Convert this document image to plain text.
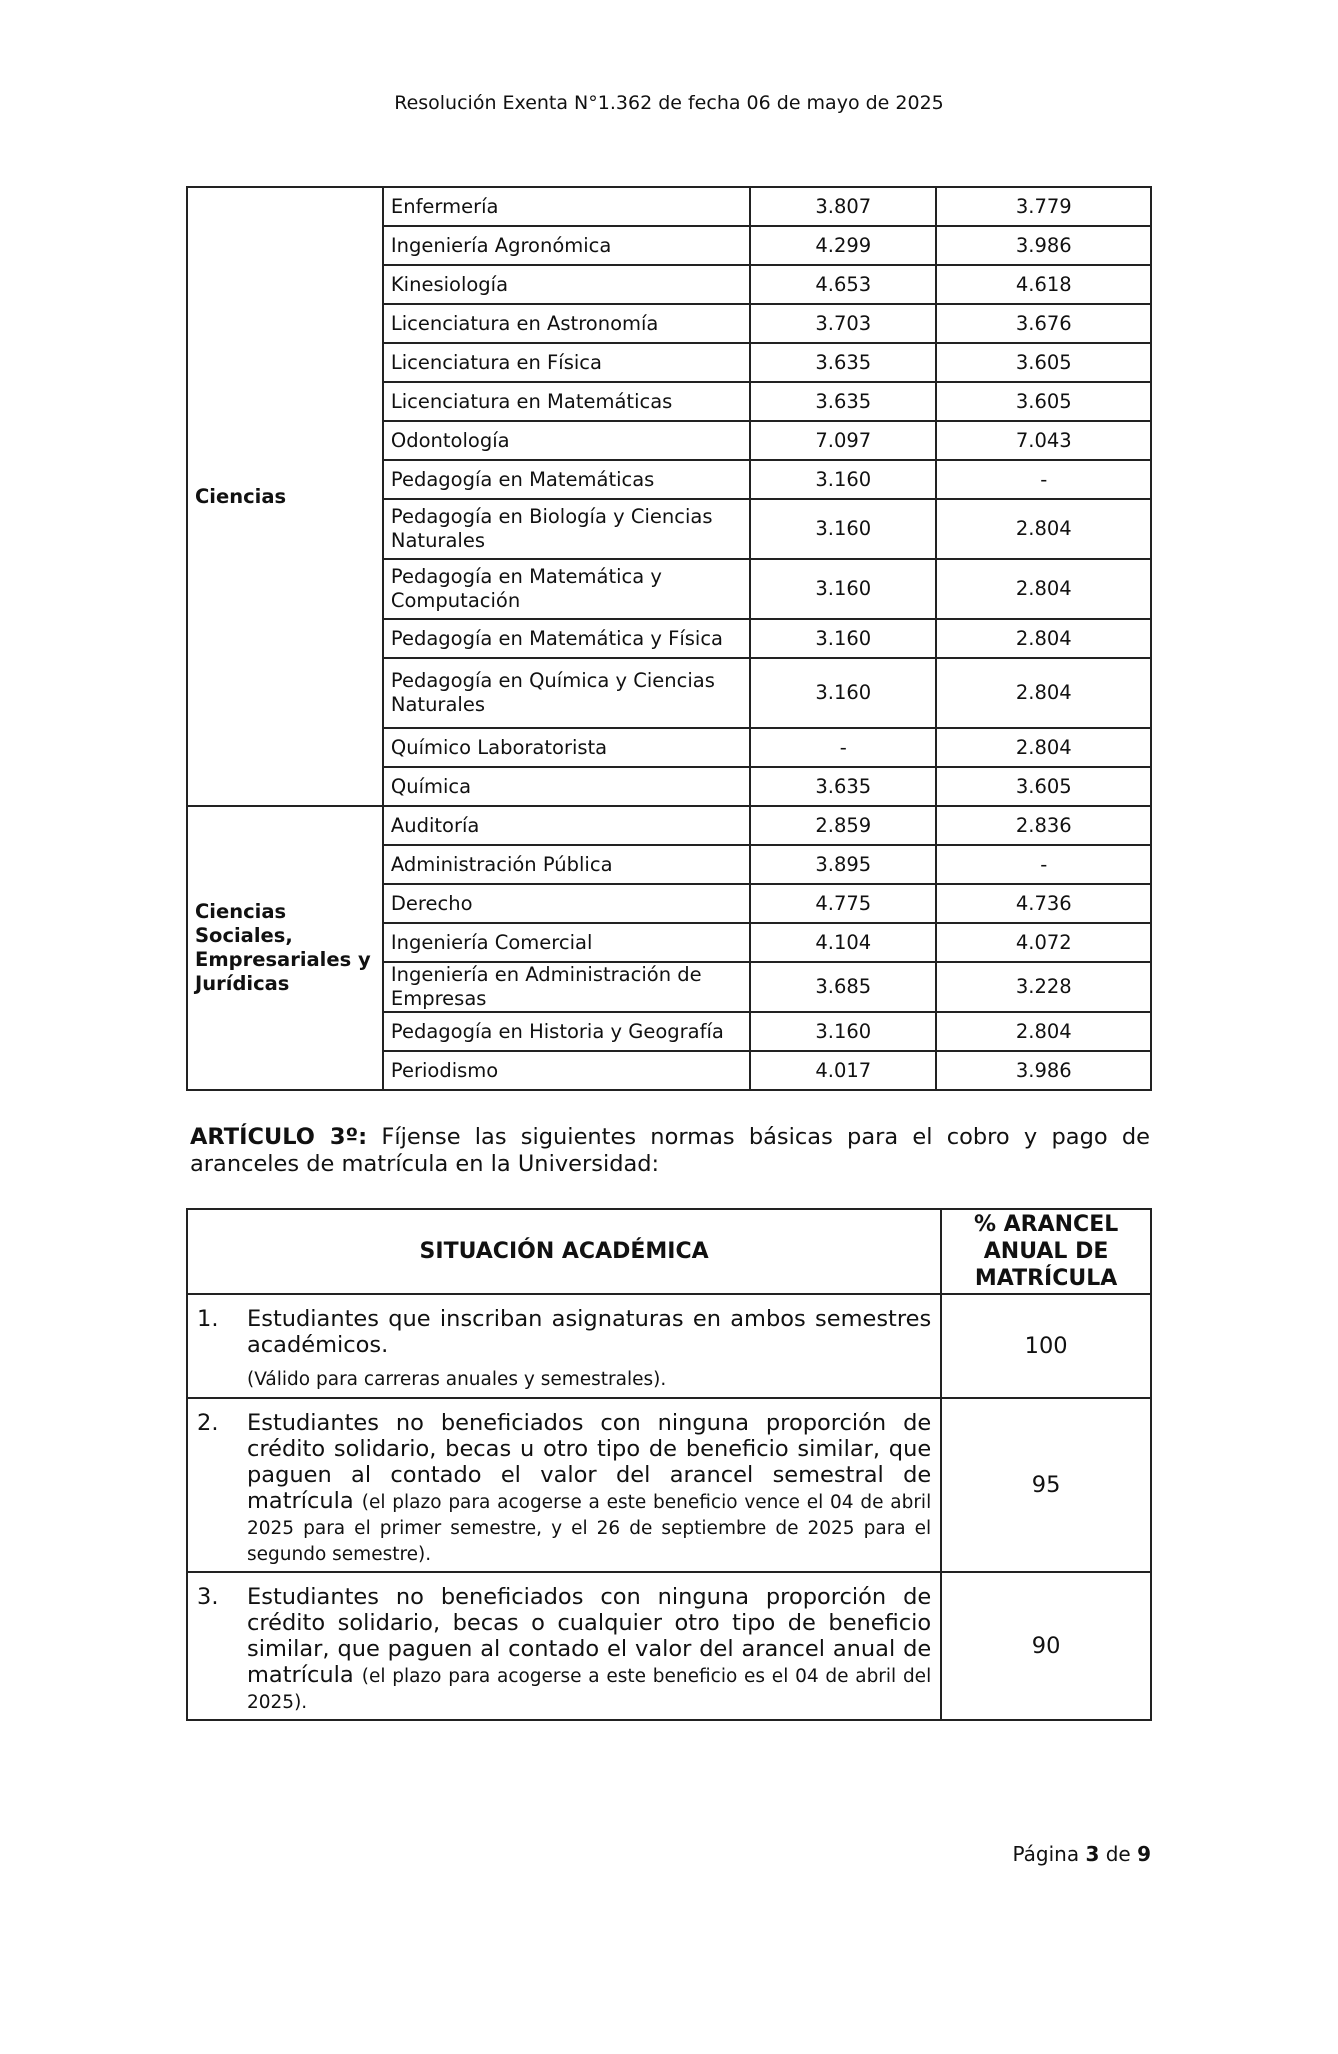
Resolución Exenta N°1.362 de fecha 06 de mayo de 2025
Ciencias	Enfermería	3.807	3.779
	Ingeniería Agronómica	4.299	3.986
	Kinesiología	4.653	4.618
	Licenciatura en Astronomía	3.703	3.676
	Licenciatura en Física	3.635	3.605
	Licenciatura en Matemáticas	3.635	3.605
	Odontología	7.097	7.043
	Pedagogía en Matemáticas	3.160	-
	Pedagogía en Biología y Ciencias Naturales	3.160	2.804
	Pedagogía en Matemática y Computación	3.160	2.804
	Pedagogía en Matemática y Física	3.160	2.804
	Pedagogía en Química y Ciencias Naturales	3.160	2.804
	Químico Laboratorista	-	2.804
	Química	3.635	3.605
Ciencias Sociales, Empresariales y Jurídicas	Auditoría	2.859	2.836
	Administración Pública	3.895	-
	Derecho	4.775	4.736
	Ingeniería Comercial	4.104	4.072
	Ingeniería en Administración de Empresas	3.685	3.228
	Pedagogía en Historia y Geografía	3.160	2.804
	Periodismo	4.017	3.986
ARTÍCULO 3º: Fíjense las siguientes normas básicas para el cobro y pago de aranceles de matrícula en la Universidad:
SITUACIÓN ACADÉMICA	% ARANCEL ANUAL DE MATRÍCULA

1. Estudiantes que inscriban asignaturas en ambos semestres académicos.
(Válido para carreras anuales y semestrales).	100

2. Estudiantes no beneficiados con ninguna proporción de crédito solidario, becas u otro tipo de beneficio similar, que paguen al contado el valor del arancel semestral de matrícula (el plazo para acogerse a este beneficio vence el 04 de abril 2025 para el primer semestre, y el 26 de septiembre de 2025 para el segundo semestre).	95

3. Estudiantes no beneficiados con ninguna proporción de crédito solidario, becas o cualquier otro tipo de beneficio similar, que paguen al contado el valor del arancel anual de matrícula (el plazo para acogerse a este beneficio es el 04 de abril del 2025).	90
Página 3 de 9
